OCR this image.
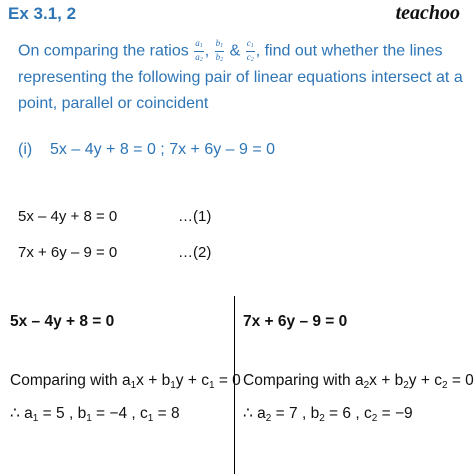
Ex 3.1, 2	teachoo
On comparing the ratios $\frac{a_1}{a_2}$ , $\frac{b_1}{b_2}$ & $\frac{c_1}{c_2}$ , find out whether the lines
representing the following pair of linear equations intersect at a
point, parallel or coincident
(i) 5x – 4y + 8 = 0 ; 7x + 6y – 9 = 0
5x – 4y + 8 = 0	…(1)
7x + 6y – 9 = 0	…(2)
5x – 4y + 8 = 0
Comparing with $a_1x + b_1y + c_1 = 0$
∴ $a_1 = 5$ , $b_1 = -4$ , $c_1 = 8$
7x + 6y – 9 = 0
Comparing with $a_2x + b_2y + c_2 = 0$
∴ $a_2 = 7$ , $b_2 = 6$ , $c_2 = -9$
